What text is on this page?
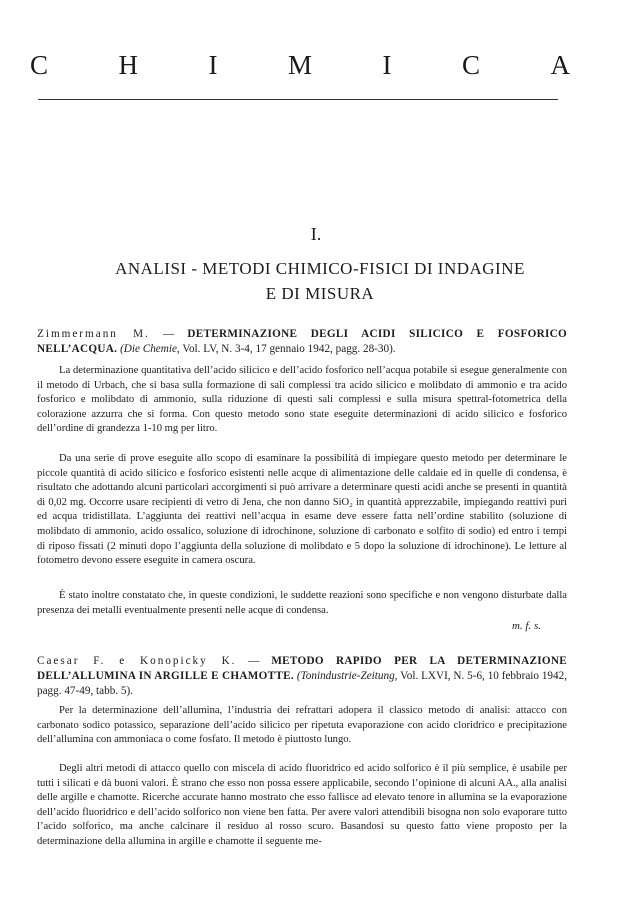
C	H	I	M	I	C	A
I.
ANALISI - METODI CHIMICO-FISICI DI INDAGINE
E DI MISURA
Zimmermann M. — DETERMINAZIONE DEGLI ACIDI SILICICO E FOSFORICO NELL’ACQUA. (Die Chemie, Vol. LV, N. 3-4, 17 gennaio 1942, pagg. 28-30).
La determinazione quantitativa dell’acido silicico e dell’acido fosforico nell’acqua potabile si esegue generalmente con il metodo di Urbach, che si basa sulla formazione di sali complessi tra acido silicico e molibdato di ammonio e tra acido fosforico e molibdato di ammonio, sulla riduzione di questi sali complessi e sulla misura spettral-fotometrica della colorazione azzurra che si forma. Con questo metodo sono state eseguite determinazioni di acido silicico e fosforico dell’ordine di grandezza 1-10 mg per litro.
Da una serie di prove eseguite allo scopo di esaminare la possibilità di impiegare questo metodo per determinare le piccole quantità di acido silicico e fosforico esistenti nelle acque di alimentazione delle caldaie ed in quelle di condensa, è risultato che adottando alcuni particolari accorgimenti si può arrivare a determinare questi acidi anche se presenti in quantità di 0,02 mg. Occorre usare recipienti di vetro di Jena, che non danno SiO₂ in quantità apprezzabile, impiegando reattivi puri ed acqua tridistillata. L’aggiunta dei reattivi nell’acqua in esame deve essere fatta nell’ordine stabilito (soluzione di molibdato di ammonio, acido ossalico, soluzione di idrochinone, soluzione di carbonato e solfito di sodio) ed entro i tempi di riposo fissati (2 minuti dopo l’aggiunta della soluzione di molibdato e 5 dopo la soluzione di idrochinone). Le letture al fotometro devono essere eseguite in camera oscura.
È stato inoltre constatato che, in queste condizioni, le suddette reazioni sono specifiche e non vengono disturbate dalla presenza dei metalli eventualmente presenti nelle acque di condensa.
m. f. s.
Caesar F. e Konopicky K. — METODO RAPIDO PER LA DETERMINAZIONE DELL’ALLUMINA IN ARGILLE E CHAMOTTE. (Tonindustrie-Zeitung, Vol. LXVI, N. 5-6, 10 febbraio 1942, pagg. 47-49, tabb. 5).
Per la determinazione dell’allumina, l’industria dei refrattari adopera il classico metodo di analisi: attacco con carbonato sodico potassico, separazione dell’acido silicico per ripetuta evaporazione con acido cloridrico e precipitazione dell’allumina con ammoniaca o come fosfato. Il metodo è piuttosto lungo.
Degli altri metodi di attacco quello con miscela di acido fluoridrico ed acido solforico è il più semplice, è usabile per tutti i silicati e dà buoni valori. È strano che esso non possa essere applicabile, secondo l’opinione di alcuni AA., alla analisi delle argille e chamotte. Ricerche accurate hanno mostrato che esso fallisce ad elevato tenore in allumina se la evaporazione dell’acido fluoridrico e dell’acido solforico non viene ben fatta. Per avere valori attendibili bisogna non solo evaporare tutto l’acido solforico, ma anche calcinare il residuo al rosso scuro. Basandosi su questo fatto viene proposto per la determinazione della allumina in argille e chamotte il seguente me-
